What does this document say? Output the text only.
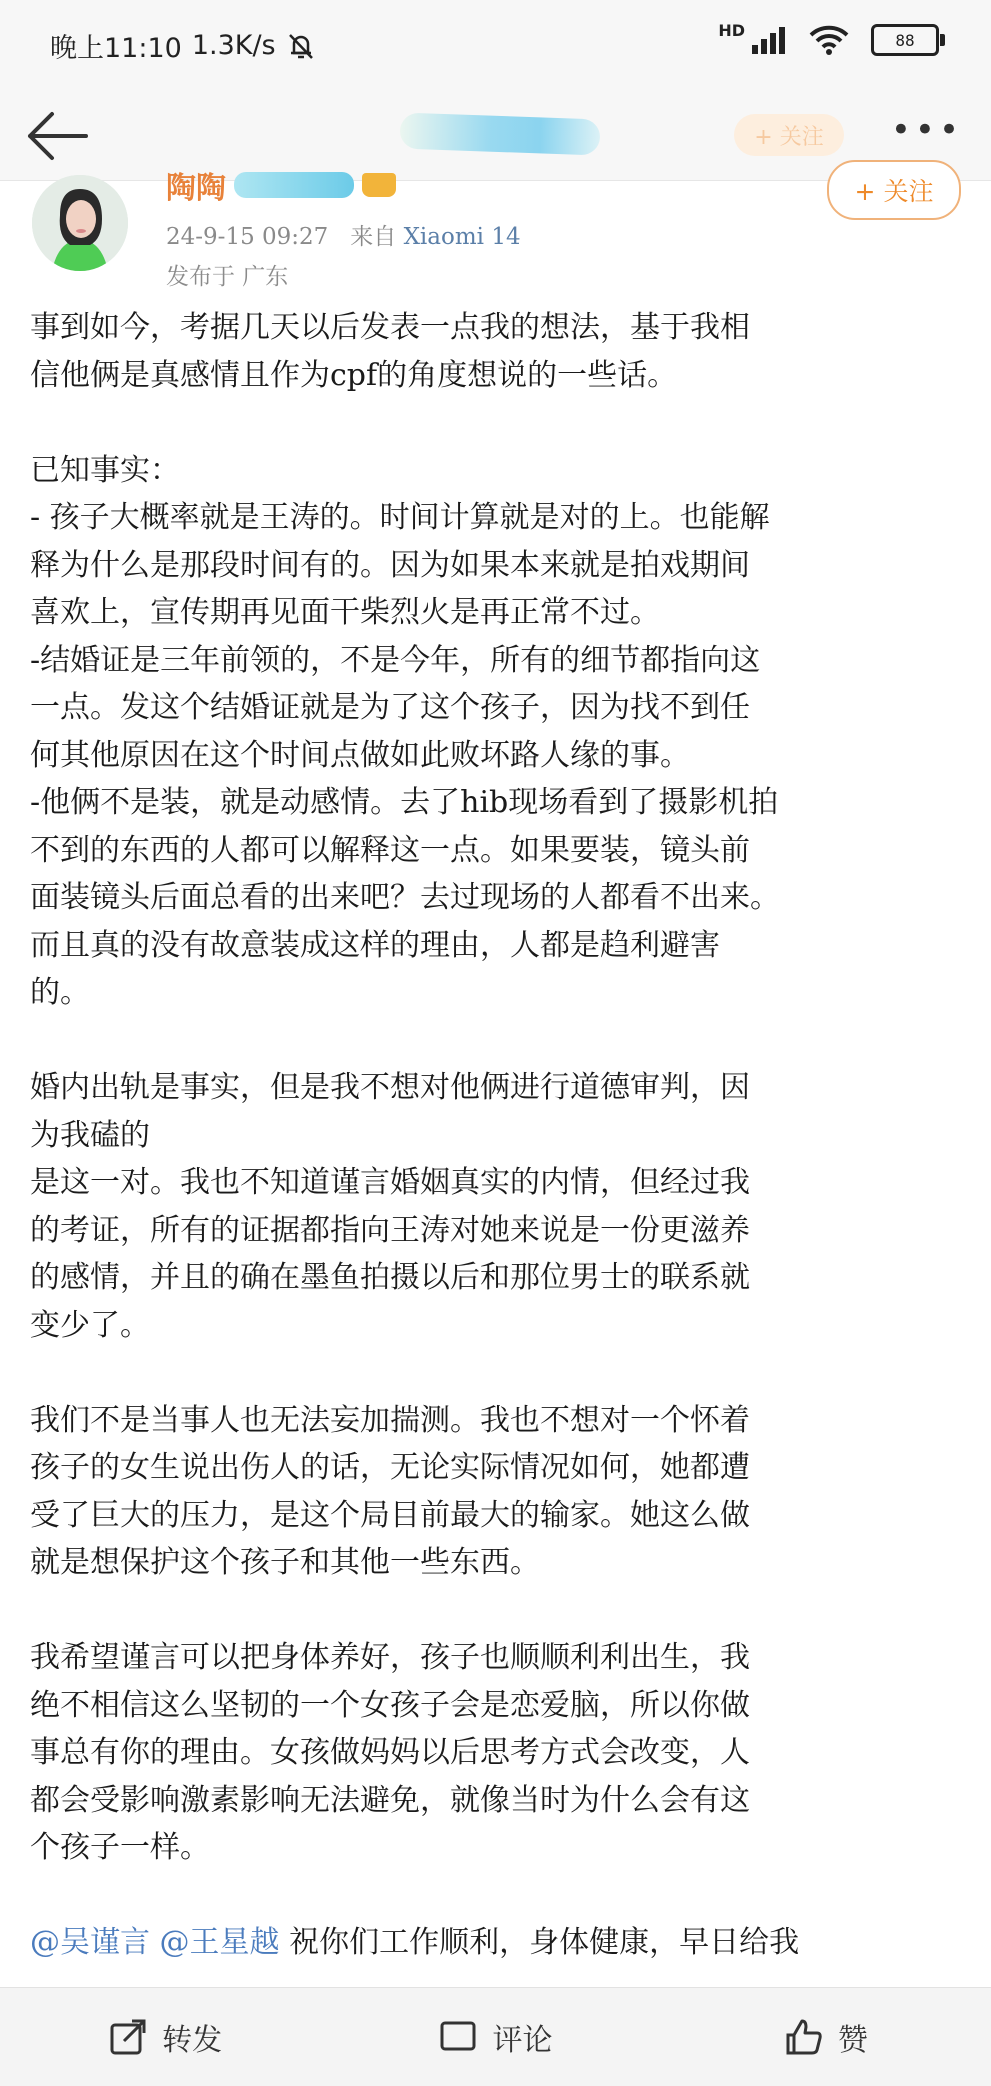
晚上11:10 1.3K/s	HD
88
+ 关注	•••
陶陶	+ 关注
24-9-15 09:27 来自 Xiaomi 14
发布于 广东
事到如今，考据几天以后发表一点我的想法，基于我相
信他俩是真感情且作为cpf的角度想说的一些话。
已知事实：
- 孩子大概率就是王涛的。时间计算就是对的上。也能解
释为什么是那段时间有的。因为如果本来就是拍戏期间
喜欢上，宣传期再见面干柴烈火是再正常不过。
-结婚证是三年前领的，不是今年，所有的细节都指向这
一点。发这个结婚证就是为了这个孩子，因为找不到任
何其他原因在这个时间点做如此败坏路人缘的事。
-他俩不是装，就是动感情。去了hib现场看到了摄影机拍
不到的东西的人都可以解释这一点。如果要装，镜头前
面装镜头后面总看的出来吧？去过现场的人都看不出来。
而且真的没有故意装成这样的理由，人都是趋利避害
的。
婚内出轨是事实，但是我不想对他俩进行道德审判，因
为我磕的
是这一对。我也不知道谨言婚姻真实的内情，但经过我
的考证，所有的证据都指向王涛对她来说是一份更滋养
的感情，并且的确在墨鱼拍摄以后和那位男士的联系就
变少了。
我们不是当事人也无法妄加揣测。我也不想对一个怀着
孩子的女生说出伤人的话，无论实际情况如何，她都遭
受了巨大的压力，是这个局目前最大的输家。她这么做
就是想保护这个孩子和其他一些东西。
我希望谨言可以把身体养好，孩子也顺顺利利出生，我
绝不相信这么坚韧的一个女孩子会是恋爱脑，所以你做
事总有你的理由。女孩做妈妈以后思考方式会改变，人
都会受影响激素影响无法避免，就像当时为什么会有这
个孩子一样。
@吴谨言 @王星越 祝你们工作顺利，身体健康，早日给我
转发	评论	赞
